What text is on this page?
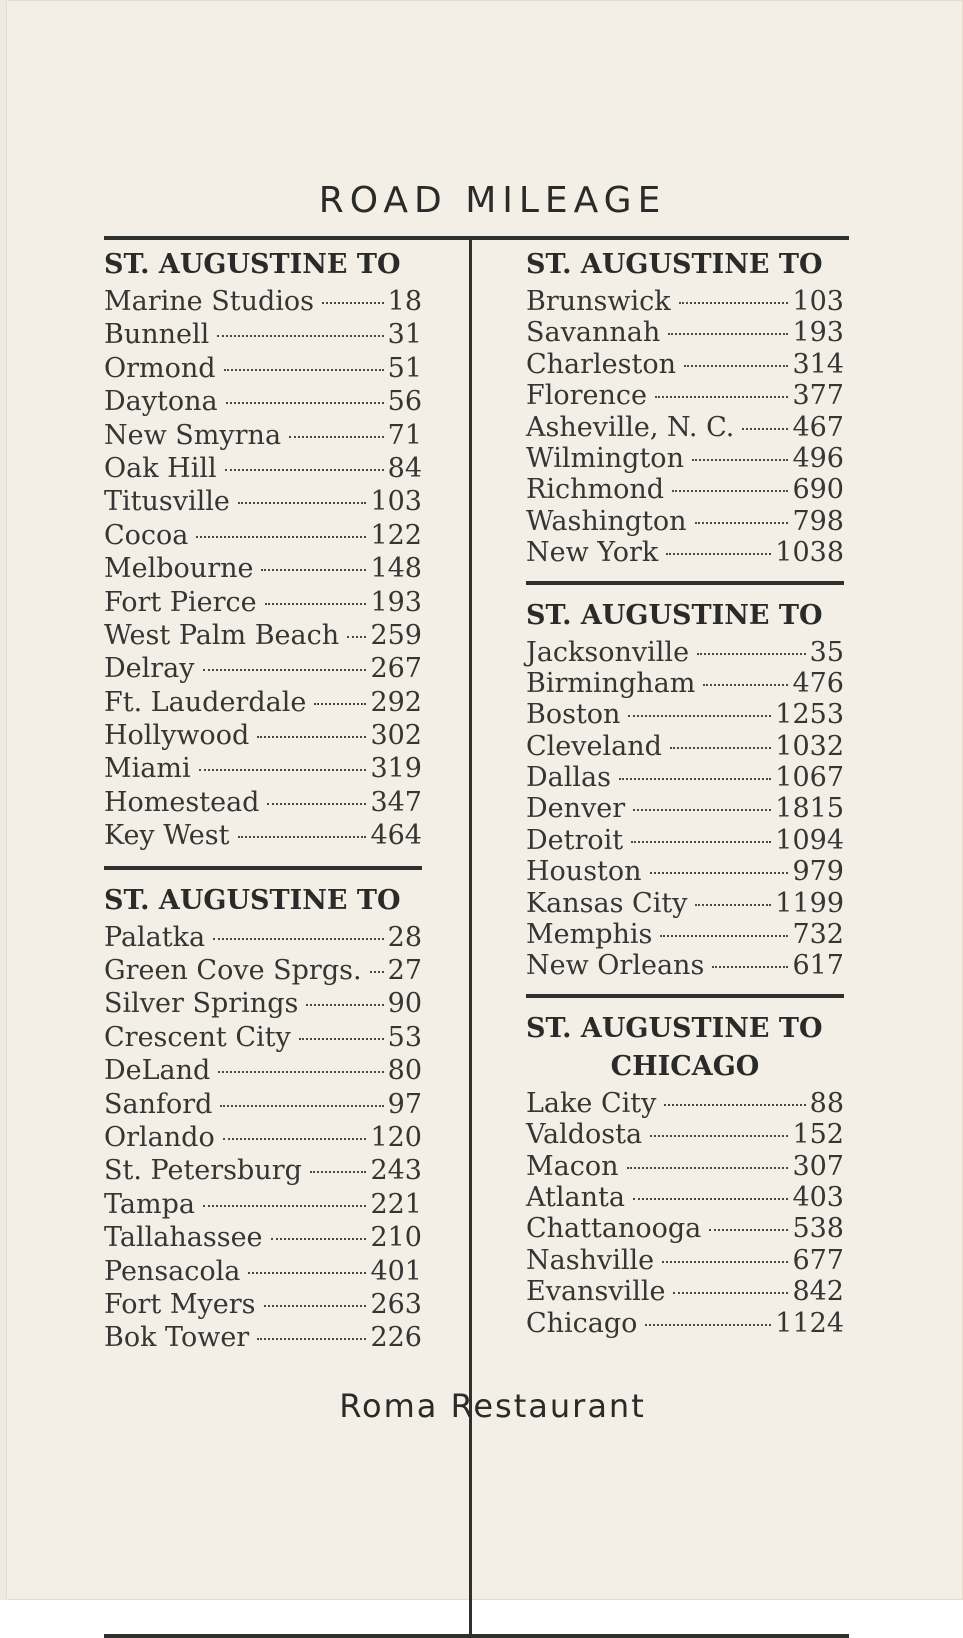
ROAD MILEAGE
ST. AUGUSTINE TO
Marine Studios	18
Bunnell	31
Ormond	51
Daytona	56
New Smyrna	71
Oak Hill	84
Titusville	103
Cocoa	122
Melbourne	148
Fort Pierce	193
West Palm Beach 259
Delray	267
Ft. Lauderdale 292
Hollywood	302
Miami	319
Homestead	347
Key West	464
ST. AUGUSTINE TO
Palatka	28
Green Cove Sprgs. 27
Silver Springs	90
Crescent City	53
DeLand	80
Sanford	97
Orlando	120
St. Petersburg	243
Tampa	221
Tallahassee	210
Pensacola	401
Fort Myers	263
Bok Tower	226
ST. AUGUSTINE TO
Brunswick	103
Savannah	193
Charleston	314
Florence	377
Asheville, N. C. 467
Wilmington	496
Richmond	690
Washington	798
New York	1038
ST. AUGUSTINE TO
Jacksonville	35
Birmingham	476
Boston	1253
Cleveland	1032
Dallas	1067
Denver	1815
Detroit	1094
Houston	979
Kansas City	1199
Memphis	732
New Orleans	617
ST. AUGUSTINE TO
CHICAGO
Lake City	88
Valdosta	152
Macon	307
Atlanta	403
Chattanooga	538
Nashville	677
Evansville	842
Chicago	1124
Roma Restaurant
